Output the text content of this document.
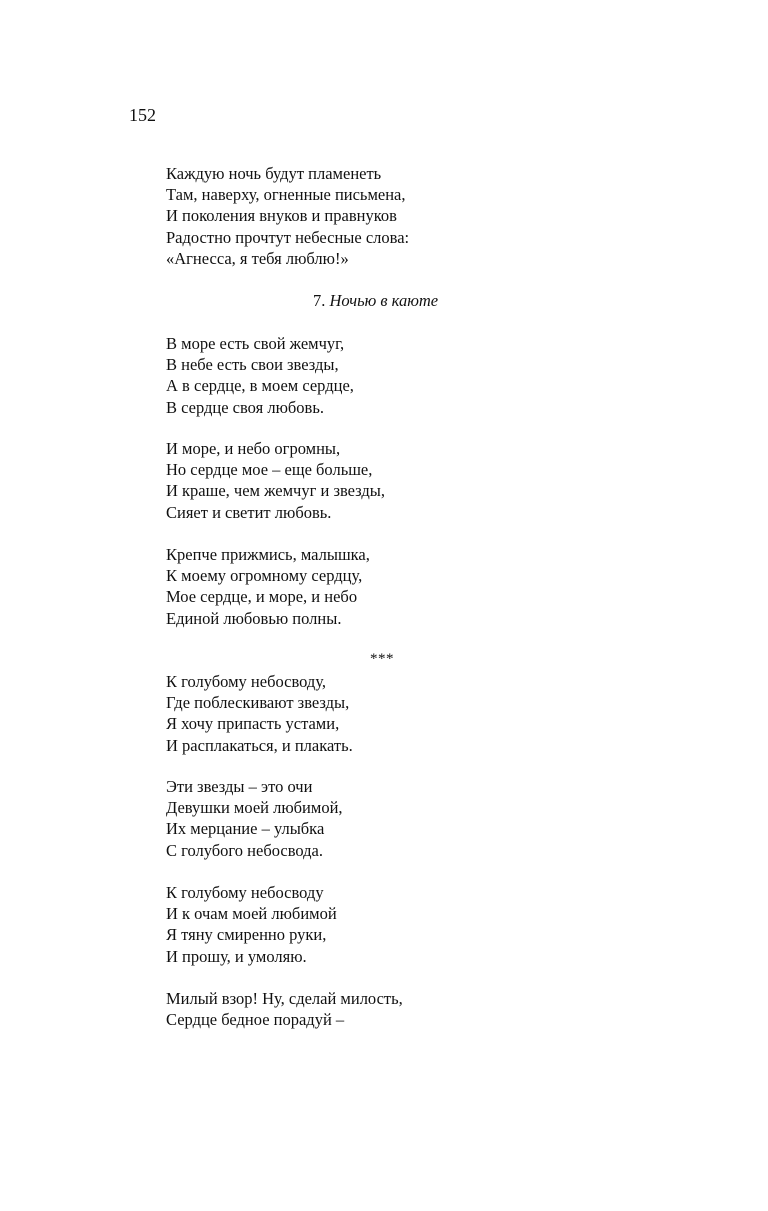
152
Каждую ночь будут пламенеть
Там, наверху, огненные письмена,
И поколения внуков и правнуков
Радостно прочтут небесные слова:
«Агнесса, я тебя люблю!»
7. Ночью в каюте
В море есть свой жемчуг,
В небе есть свои звезды,
А в сердце, в моем сердце,
В сердце своя любовь.
И море, и небо огромны,
Но сердце мое – еще больше,
И краше, чем жемчуг и звезды,
Сияет и светит любовь.
Крепче прижмись, малышка,
К моему огромному сердцу,
Мое сердце, и море, и небо
Единой любовью полны.
***
К голубому небосводу,
Где поблескивают звезды,
Я хочу припасть устами,
И расплакаться, и плакать.
Эти звезды – это очи
Девушки моей любимой,
Их мерцание – улыбка
С голубого небосвода.
К голубому небосводу
И к очам моей любимой
Я тяну смиренно руки,
И прошу, и умоляю.
Милый взор! Ну, сделай милость,
Сердце бедное порадуй –
